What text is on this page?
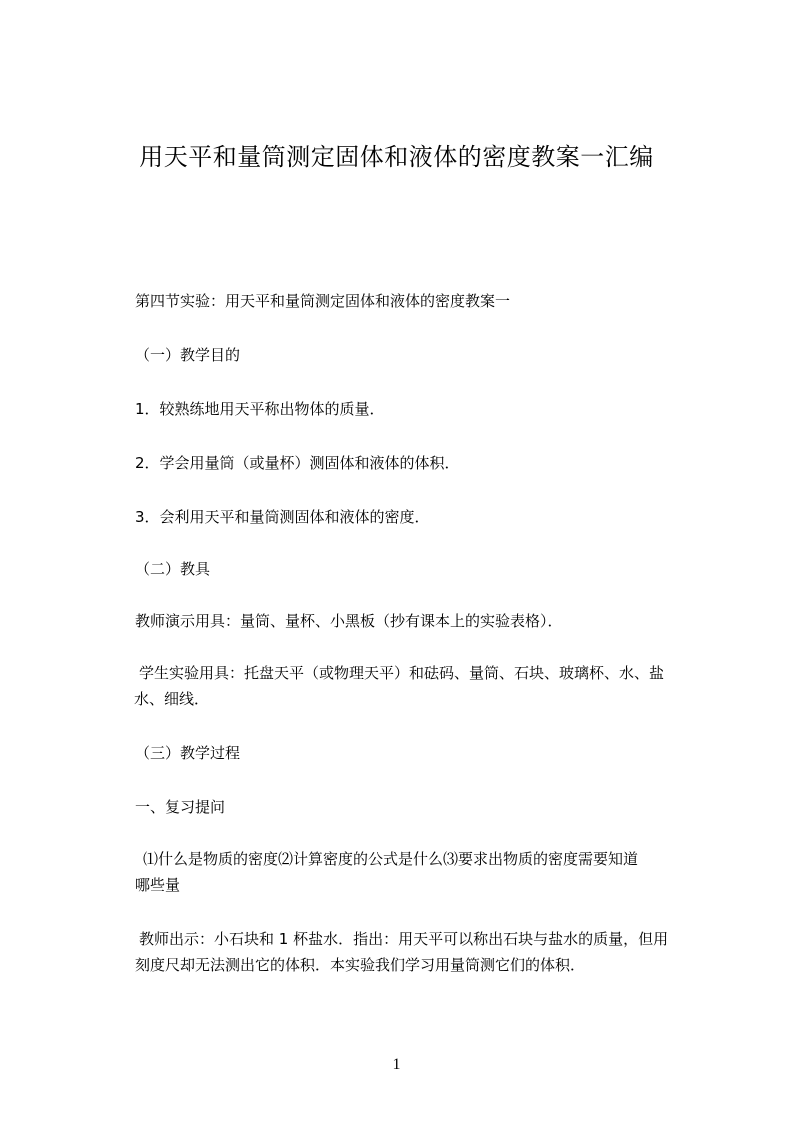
用天平和量筒测定固体和液体的密度教案一汇编
第四节实验：用天平和量筒测定固体和液体的密度教案一
（一）教学目的
1．较熟练地用天平称出物体的质量．
2．学会用量筒（或量杯）测固体和液体的体积．
3．会利用天平和量筒测固体和液体的密度．
（二）教具
教师演示用具：量筒、量杯、小黑板（抄有课本上的实验表格）．
学生实验用具：托盘天平（或物理天平）和砝码、量筒、石块、玻璃杯、水、盐
水、细线．
（三）教学过程
一、复习提问
⑴什么是物质的密度⑵计算密度的公式是什么⑶要求出物质的密度需要知道
哪些量
教师出示：小石块和 1 杯盐水．指出：用天平可以称出石块与盐水的质量，但用
刻度尺却无法测出它的体积．本实验我们学习用量筒测它们的体积．
1
